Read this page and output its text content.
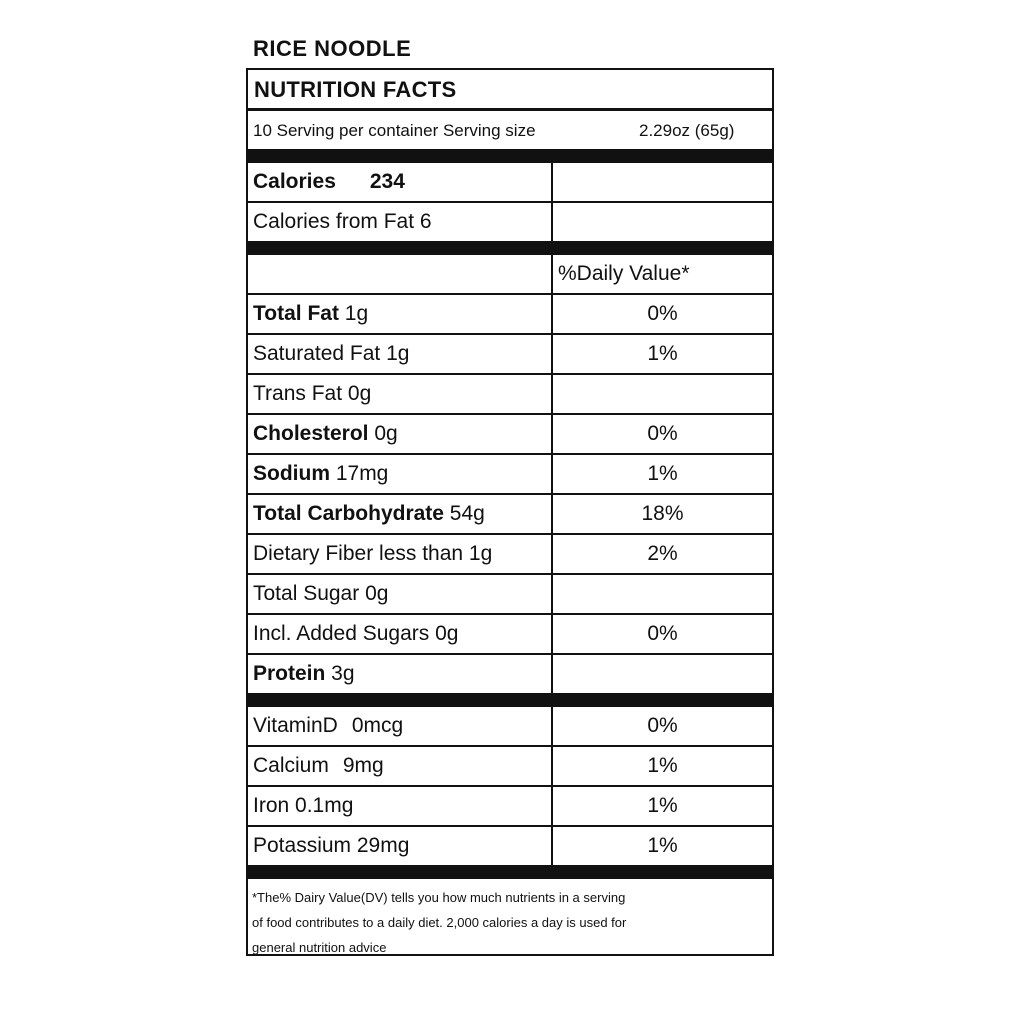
RICE NOODLE
NUTRITION FACTS
10 Serving per container Serving size	2.29oz (65g)
Calories 234
Calories from Fat 6
%Daily Value*
Total Fat 1g	0%
Saturated Fat 1g	1%
Trans Fat 0g
Cholesterol 0g	0%
Sodium 17mg	1%
Total Carbohydrate 54g	18%
Dietary Fiber less than 1g	2%
Total Sugar 0g
Incl. Added Sugars 0g	0%
Protein 3g
VitaminD 0mcg	0%
Calcium 9mg	1%
Iron 0.1mg	1%
Potassium 29mg	1%
*The% Dairy Value(DV) tells you how much nutrients in a serving
of food contributes to a daily diet. 2,000 calories a day is used for
general nutrition advice
